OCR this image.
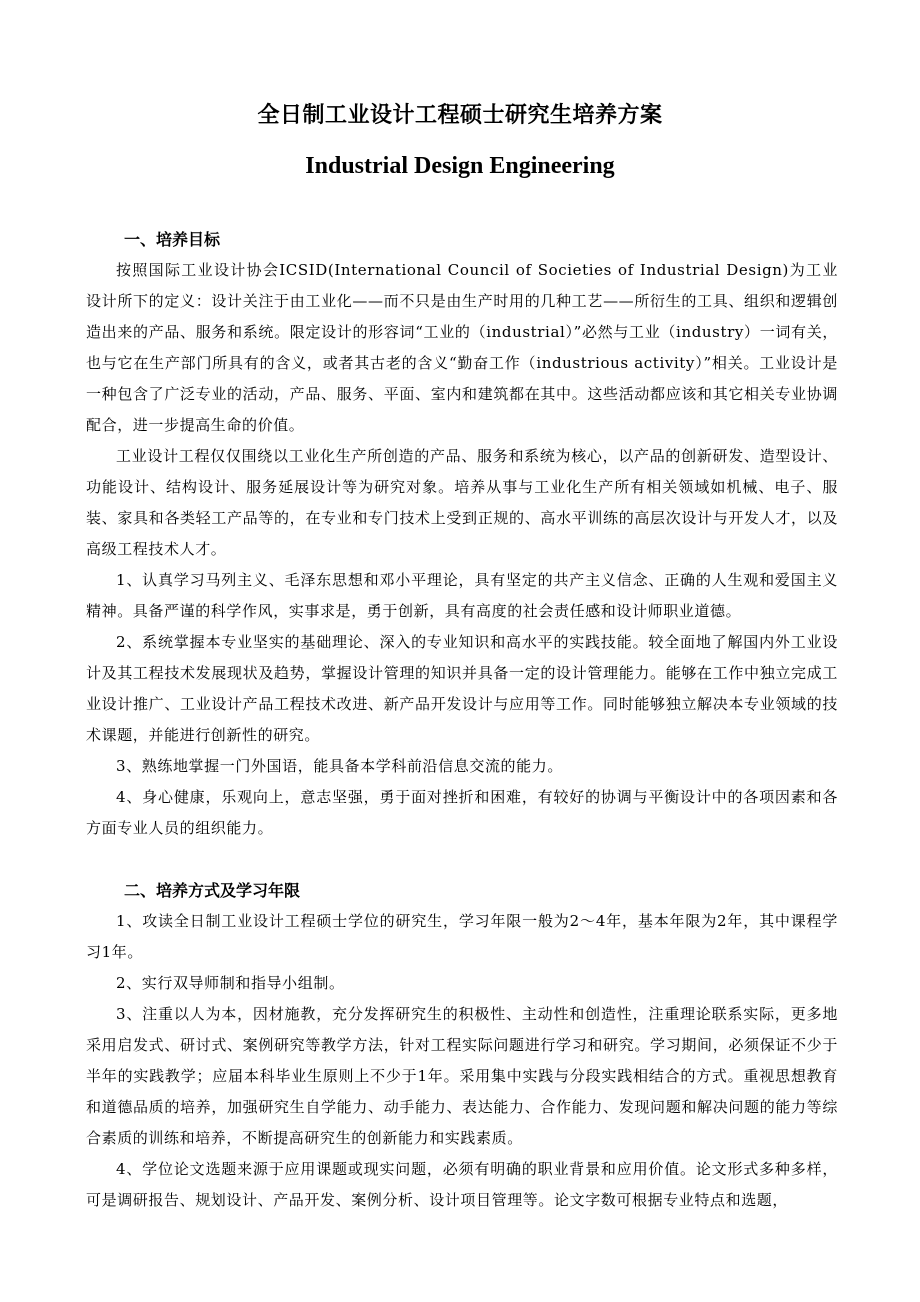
全日制工业设计工程硕士研究生培养方案
Industrial Design Engineering
一、培养目标

按照国际工业设计协会ICSID(International Council of Societies of Industrial Design)为工业设计所下的定义：设计关注于由工业化——而不只是由生产时用的几种工艺——所衍生的工具、组织和逻辑创造出来的产品、服务和系统。限定设计的形容词“工业的（industrial）”必然与工业（industry）一词有关，也与它在生产部门所具有的含义，或者其古老的含义“勤奋工作（industrious activity）”相关。工业设计是一种包含了广泛专业的活动，产品、服务、平面、室内和建筑都在其中。这些活动都应该和其它相关专业协调配合，进一步提高生命的价值。

工业设计工程仅仅围绕以工业化生产所创造的产品、服务和系统为核心，以产品的创新研发、造型设计、功能设计、结构设计、服务延展设计等为研究对象。培养从事与工业化生产所有相关领域如机械、电子、服装、家具和各类轻工产品等的，在专业和专门技术上受到正规的、高水平训练的高层次设计与开发人才，以及高级工程技术人才。

1、认真学习马列主义、毛泽东思想和邓小平理论，具有坚定的共产主义信念、正确的人生观和爱国主义精神。具备严谨的科学作风，实事求是，勇于创新，具有高度的社会责任感和设计师职业道德。

2、系统掌握本专业坚实的基础理论、深入的专业知识和高水平的实践技能。较全面地了解国内外工业设计及其工程技术发展现状及趋势，掌握设计管理的知识并具备一定的设计管理能力。能够在工作中独立完成工业设计推广、工业设计产品工程技术改进、新产品开发设计与应用等工作。同时能够独立解决本专业领域的技术课题，并能进行创新性的研究。

3、熟练地掌握一门外国语，能具备本学科前沿信息交流的能力。

4、身心健康，乐观向上，意志坚强，勇于面对挫折和困难，有较好的协调与平衡设计中的各项因素和各方面专业人员的组织能力。

二、培养方式及学习年限

1、攻读全日制工业设计工程硕士学位的研究生，学习年限一般为2～4年，基本年限为2年，其中课程学习1年。

2、实行双导师制和指导小组制。

3、注重以人为本，因材施教，充分发挥研究生的积极性、主动性和创造性，注重理论联系实际，更多地采用启发式、研讨式、案例研究等教学方法，针对工程实际问题进行学习和研究。学习期间，必须保证不少于半年的实践教学；应届本科毕业生原则上不少于1年。采用集中实践与分段实践相结合的方式。重视思想教育和道德品质的培养，加强研究生自学能力、动手能力、表达能力、合作能力、发现问题和解决问题的能力等综合素质的训练和培养，不断提高研究生的创新能力和实践素质。

4、学位论文选题来源于应用课题或现实问题，必须有明确的职业背景和应用价值。论文形式多种多样，可是调研报告、规划设计、产品开发、案例分析、设计项目管理等。论文字数可根据专业特点和选题，
